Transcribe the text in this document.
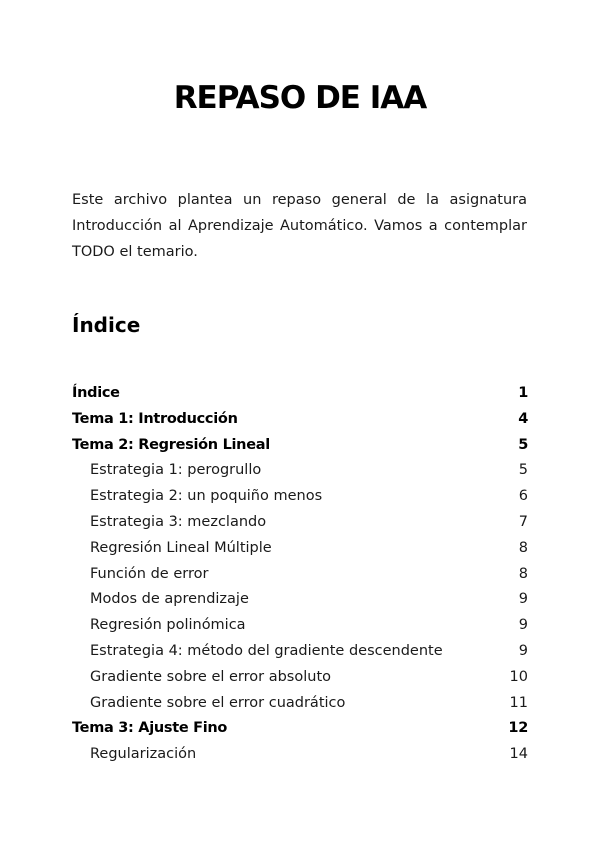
REPASO DE IAA

Este archivo plantea un repaso general de la asignatura Introducción al Aprendizaje Automático. Vamos a contemplar TODO el temario.

Índice
Índice	1
Tema 1: Introducción	4
Tema 2: Regresión Lineal	5
Estrategia 1: perogrullo	5
Estrategia 2: un poquiño menos	6
Estrategia 3: mezclando	7
Regresión Lineal Múltiple	8
Función de error	8
Modos de aprendizaje	9
Regresión polinómica	9
Estrategia 4: método del gradiente descendente	9
Gradiente sobre el error absoluto	10
Gradiente sobre el error cuadrático	11
Tema 3: Ajuste Fino	12
Regularización	14
